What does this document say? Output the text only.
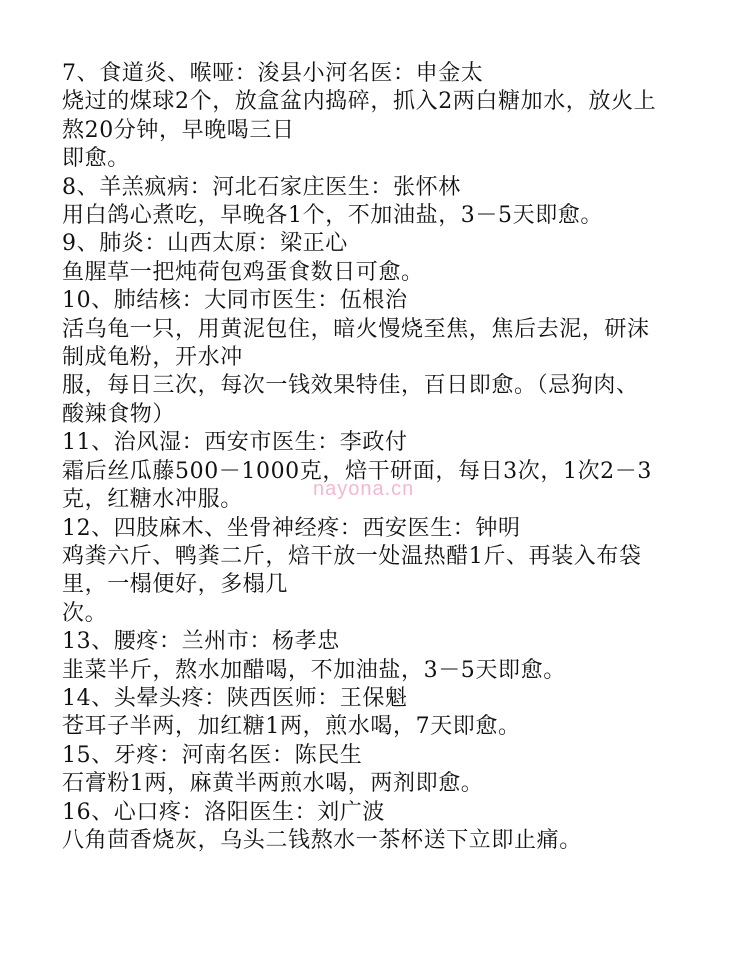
7、食道炎、喉哑：浚县小河名医：申金太
烧过的煤球2个，放盒盆内捣碎，抓入2两白糖加水，放火上
熬20分钟，早晚喝三日
即愈。
8、羊羔疯病：河北石家庄医生：张怀林
用白鸽心煮吃，早晚各1个，不加油盐，3－5天即愈。
9、肺炎：山西太原：梁正心
鱼腥草一把炖荷包鸡蛋食数日可愈。
10、肺结核：大同市医生：伍根治
活乌龟一只，用黄泥包住，暗火慢烧至焦，焦后去泥，研沫
制成龟粉，开水冲
服，每日三次，每次一钱效果特佳，百日即愈。（忌狗肉、
酸辣食物）
11、治风湿：西安市医生：李政付
霜后丝瓜藤500－1000克，焙干研面，每日3次，1次2－3
克，红糖水冲服。
12、四肢麻木、坐骨神经疼：西安医生：钟明
鸡粪六斤、鸭粪二斤，焙干放一处温热醋1斤、再装入布袋
里，一榻便好，多榻几
次。
13、腰疼：兰州市：杨孝忠
韭菜半斤，熬水加醋喝，不加油盐，3－5天即愈。
14、头晕头疼：陕西医师：王保魁
苍耳子半两，加红糖1两，煎水喝，7天即愈。
15、牙疼：河南名医：陈民生
石膏粉1两，麻黄半两煎水喝，两剂即愈。
16、心口疼：洛阳医生：刘广波
八角茴香烧灰，乌头二钱熬水一茶杯送下立即止痛。
nayona.cn
